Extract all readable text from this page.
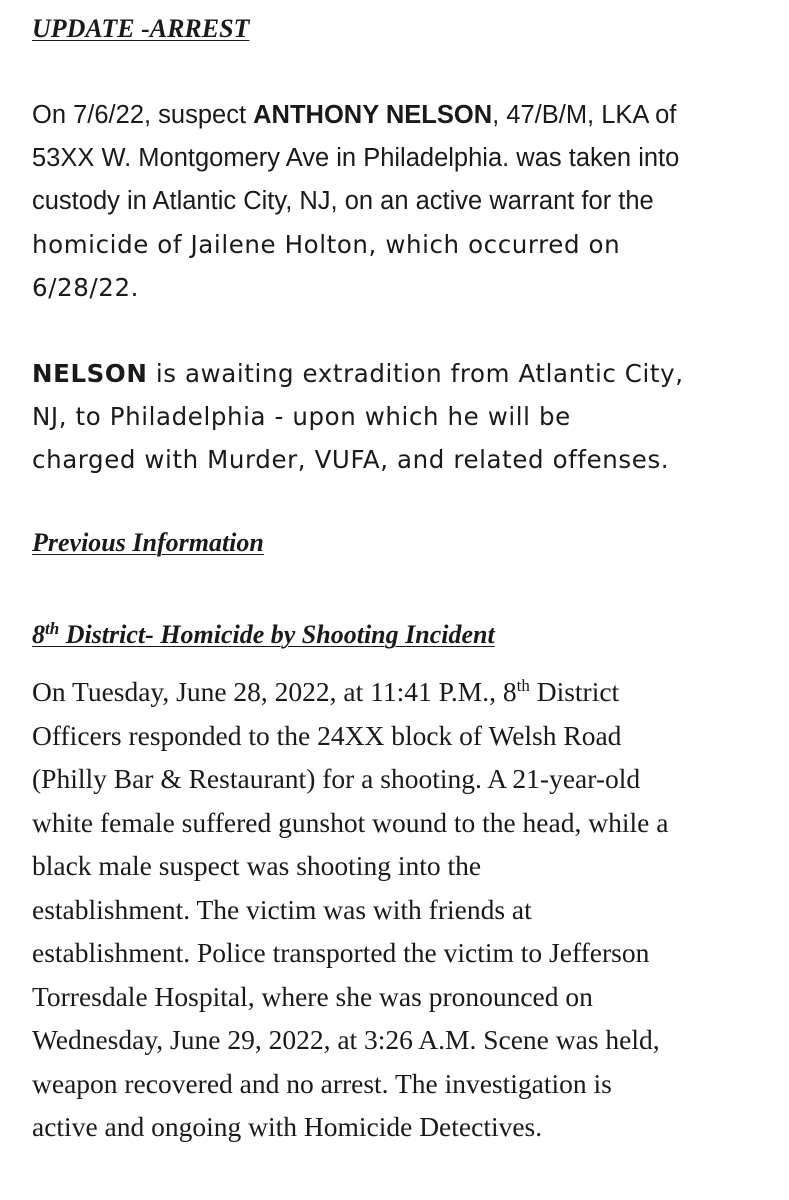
UPDATE -ARREST

On 7/6/22, suspect ANTHONY NELSON, 47/B/M, LKA of
53XX W. Montgomery Ave in Philadelphia. was taken into
custody in Atlantic City, NJ, on an active warrant for the
homicide of Jailene Holton, which occurred on
6/28/22.

NELSON is awaiting extradition from Atlantic City,
NJ, to Philadelphia - upon which he will be
charged with Murder, VUFA, and related offenses.

Previous Information
8th District- Homicide by Shooting Incident

On Tuesday, June 28, 2022, at 11:41 P.M., 8th District
Officers responded to the 24XX block of Welsh Road
(Philly Bar & Restaurant) for a shooting. A 21-year-old
white female suffered gunshot wound to the head, while a
black male suspect was shooting into the
establishment. The victim was with friends at
establishment. Police transported the victim to Jefferson
Torresdale Hospital, where she was pronounced on
Wednesday, June 29, 2022, at 3:26 A.M. Scene was held,
weapon recovered and no arrest. The investigation is
active and ongoing with Homicide Detectives.
